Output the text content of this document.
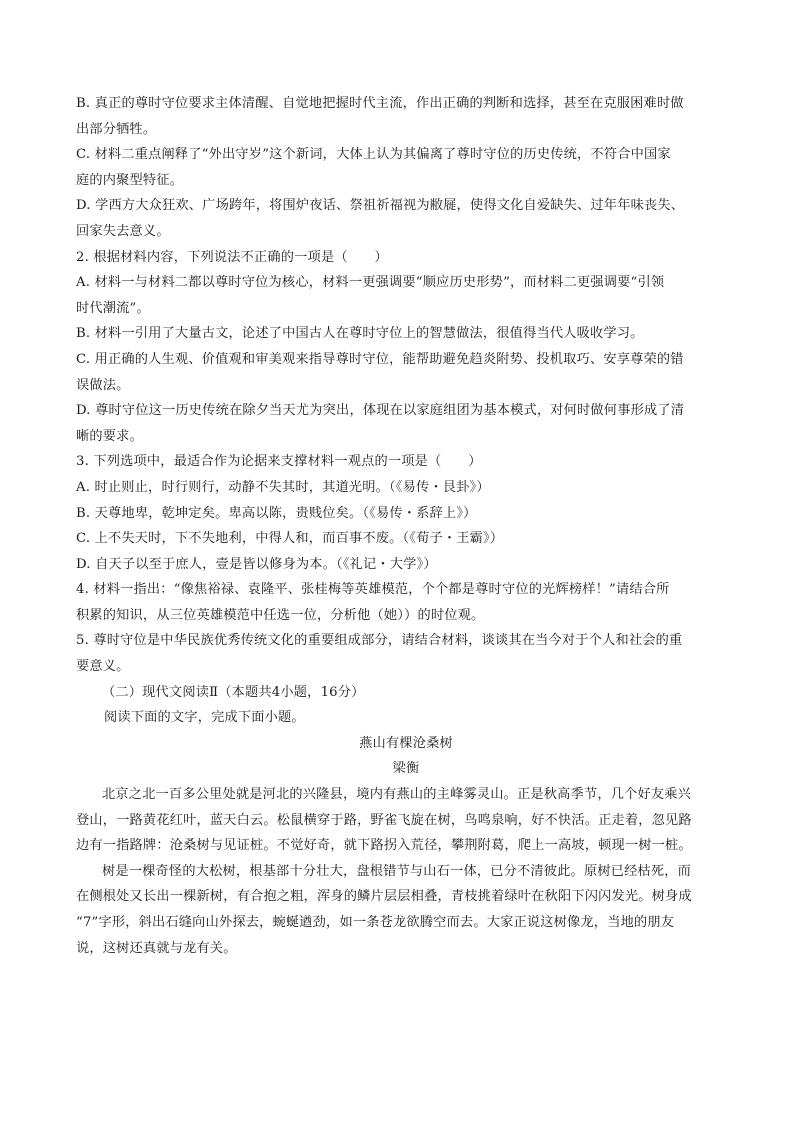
B. 真正的尊时守位要求主体清醒、自觉地把握时代主流，作出正确的判断和选择，甚至在克服困难时做
出部分牺牲。
C. 材料二重点阐释了“外出守岁”这个新词，大体上认为其偏离了尊时守位的历史传统，不符合中国家
庭的内聚型特征。
D. 学西方大众狂欢、广场跨年，将围炉夜话、祭祖祈福视为敝屣，使得文化自爱缺失、过年年味丧失、
回家失去意义。
2. 根据材料内容，下列说法不正确的一项是（　　）
A. 材料一与材料二都以尊时守位为核心，材料一更强调要“顺应历史形势”，而材料二更强调要“引领
时代潮流”。
B. 材料一引用了大量古文，论述了中国古人在尊时守位上的智慧做法，很值得当代人吸收学习。
C. 用正确的人生观、价值观和审美观来指导尊时守位，能帮助避免趋炎附势、投机取巧、安享尊荣的错
误做法。
D. 尊时守位这一历史传统在除夕当天尤为突出，体现在以家庭组团为基本模式，对何时做何事形成了清
晰的要求。
3. 下列选项中，最适合作为论据来支撑材料一观点的一项是（　　）
A. 时止则止，时行则行，动静不失其时，其道光明。（《易传・艮卦》）
B. 天尊地卑，乾坤定矣。卑高以陈，贵贱位矣。（《易传・系辞上》）
C. 上不失天时，下不失地利，中得人和，而百事不废。（《荀子・王霸》）
D. 自天子以至于庶人，壹是皆以修身为本。（《礼记・大学》）
4. 材料一指出：“像焦裕禄、袁隆平、张桂梅等英雄模范，个个都是尊时守位的光辉榜样！”请结合所
积累的知识，从三位英雄模范中任选一位，分析他（她））的时位观。
5. 尊时守位是中华民族优秀传统文化的重要组成部分，请结合材料，谈谈其在当今对于个人和社会的重
要意义。
（二）现代文阅读Ⅱ（本题共4小题，16分）
阅读下面的文字，完成下面小题。
燕山有棵沧桑树
梁衡
北京之北一百多公里处就是河北的兴隆县，境内有燕山的主峰雾灵山。正是秋高季节，几个好友乘兴
登山，一路黄花红叶，蓝天白云。松鼠横穿于路，野雀飞旋在树，鸟鸣泉响，好不快活。正走着，忽见路
边有一指路牌：沧桑树与见证桩。不觉好奇，就下路拐入荒径，攀荆附葛，爬上一高坡，顿现一树一桩。
树是一棵奇怪的大松树，根基部十分壮大，盘根错节与山石一体，已分不清彼此。原树已经枯死，而
在侧根处又长出一棵新树，有合抱之粗，浑身的鳞片层层相叠，青枝挑着绿叶在秋阳下闪闪发光。树身成
“7”字形，斜出石缝向山外探去，蜿蜒遒劲，如一条苍龙欲腾空而去。大家正说这树像龙，当地的朋友
说，这树还真就与龙有关。
